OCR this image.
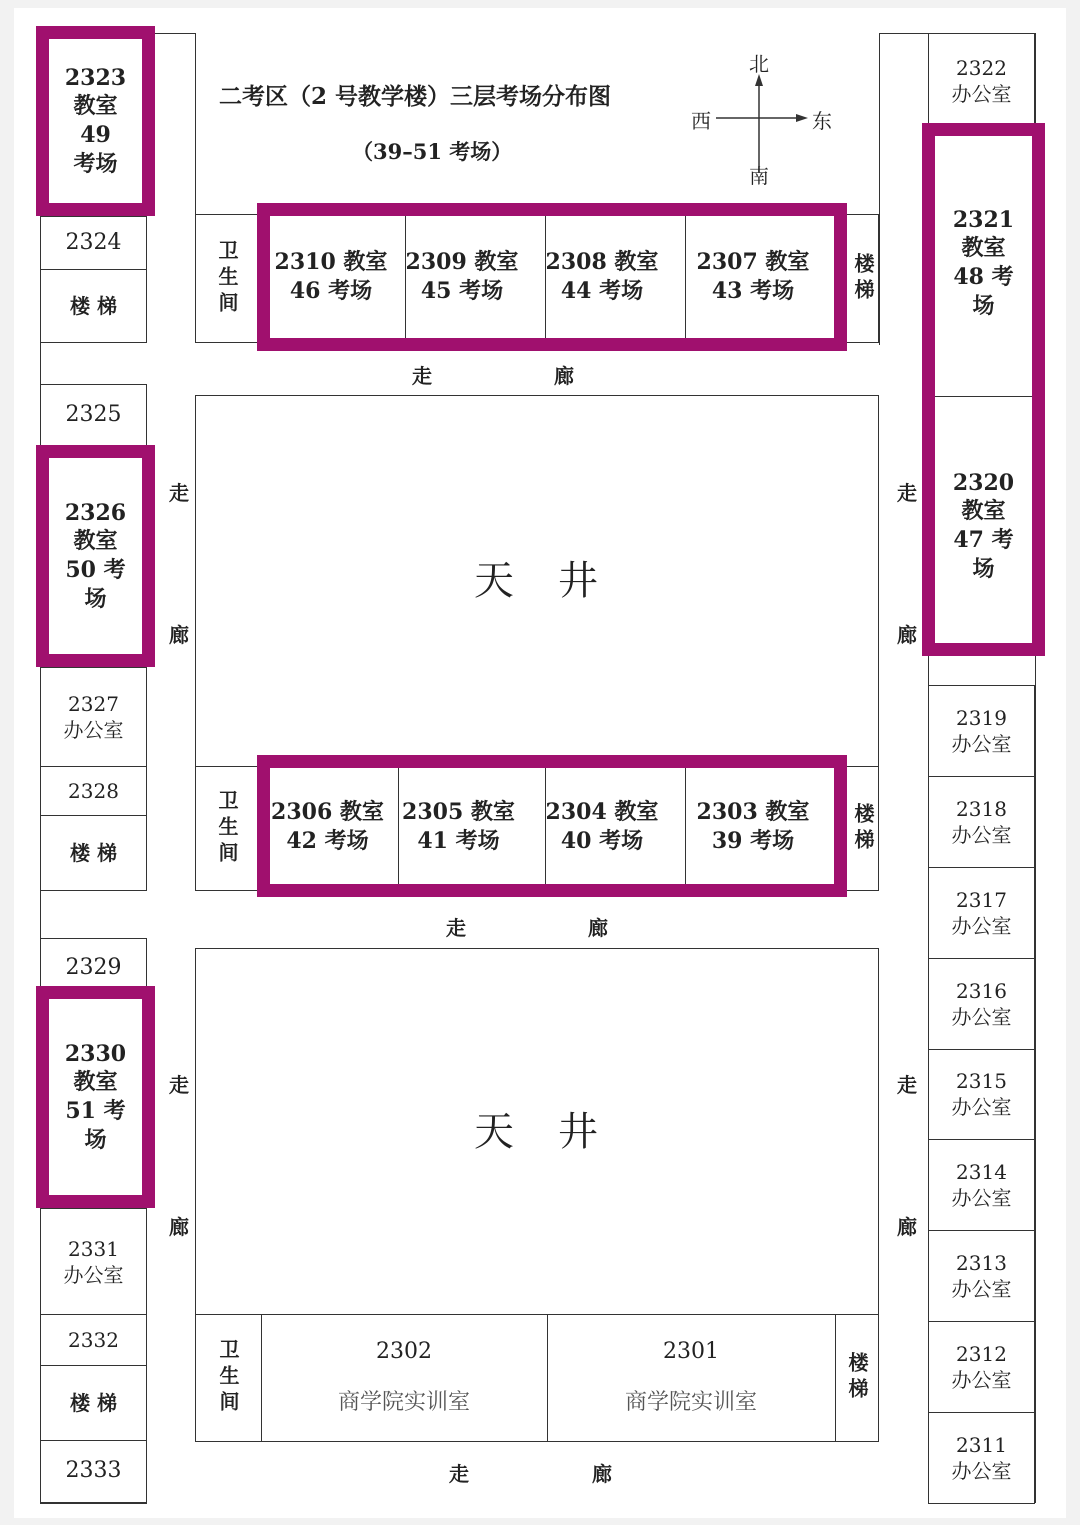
2323
教室
49
考场
2324
楼 梯
2325
2326
教室
50 考
场
2327
办公室
2328
楼 梯
2329
2330
教室
51 考
场
2331
办公室
2332
楼 梯
2333
走
廊
走
廊
二考区（2 号教学楼）三层考场分布图
（39–51 考场）
北
南
西	东
卫生间 2310 教室
46 考场
2309 教室
45 考场
2308 教室
44 考场
2307 教室
43 考场	楼梯
走	廊
天　井
卫生间 2306 教室
42 考场
2305 教室
41 考场
2304 教室
40 考场
2303 教室
39 考场	楼梯
走	廊
天　井
卫生间	2302
商学院实训室
2301
商学院实训室	楼梯
走	廊
2322
办公室
2321
教室
48 考
场
2320
教室
47 考
场
2319
办公室
2318
办公室
2317
办公室
2316
办公室
2315
办公室
2314
办公室
2313
办公室
2312
办公室
2311
办公室
走
廊
走
廊
